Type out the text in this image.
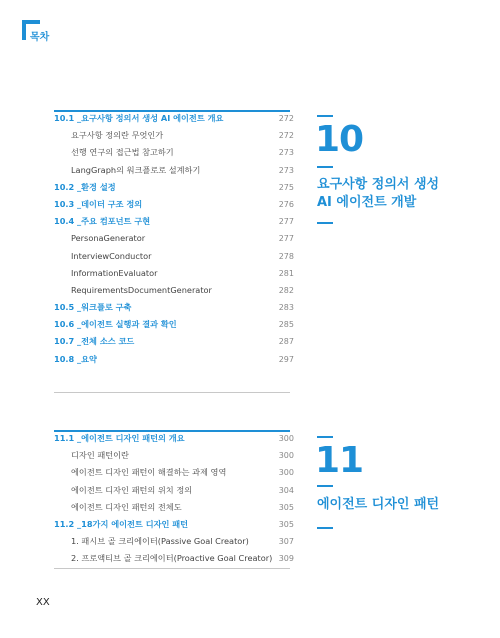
목차
10.1 _요구사항 정의서 생성 AI 에이전트 개요	272
요구사항 정의란 무엇인가	272
선행 연구의 접근법 참고하기	273
LangGraph의 워크플로로 설계하기	273
10.2 _환경 설정	275
10.3 _데이터 구조 정의	276
10.4 _주요 컴포넌트 구현	277
PersonaGenerator	277
InterviewConductor	278
InformationEvaluator	281
RequirementsDocumentGenerator	282
10.5 _워크플로 구축	283
10.6 _에이전트 실행과 결과 확인	285
10.7 _전체 소스 코드	287
10.8 _요약	297
10
요구사항 정의서 생성
AI 에이전트 개발
11.1 _에이전트 디자인 패턴의 개요	300
디자인 패턴이란	300
에이전트 디자인 패턴이 해결하는 과제 영역	300
에이전트 디자인 패턴의 위치 정의	304
에이전트 디자인 패턴의 전체도	305
11.2 _18가지 에이전트 디자인 패턴	305
1. 패시브 골 크리에이터(Passive Goal Creator)	307
2. 프로액티브 골 크리에이터(Proactive Goal Creator) 309
11
에이전트 디자인 패턴
XX
